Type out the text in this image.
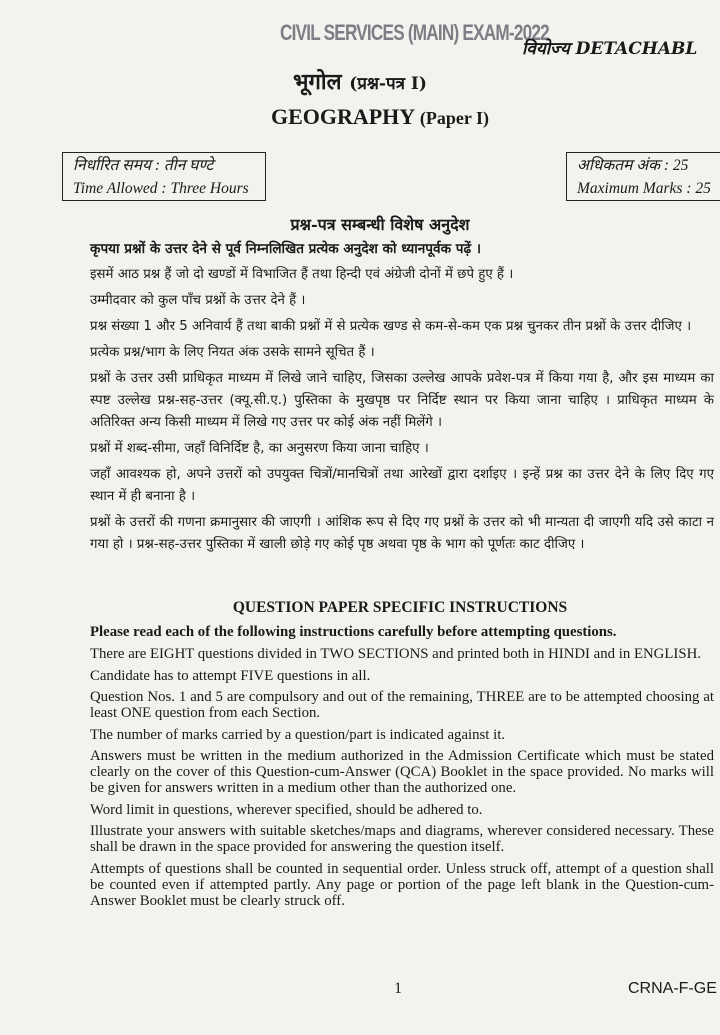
CIVIL SERVICES (MAIN) EXAM-2022
वियोज्य DETACHABL
भूगोल (प्रश्न-पत्र I)
GEOGRAPHY (Paper I)
निर्धारित समय : तीन घण्टे
Time Allowed : Three Hours
अधिकतम अंक : 25
Maximum Marks : 25
प्रश्न-पत्र सम्बन्धी विशेष अनुदेश

कृपया प्रश्नों के उत्तर देने से पूर्व निम्नलिखित प्रत्येक अनुदेश को ध्यानपूर्वक पढ़ें ।

इसमें आठ प्रश्न हैं जो दो खण्डों में विभाजित हैं तथा हिन्दी एवं अंग्रेजी दोनों में छपे हुए हैं ।

उम्मीदवार को कुल पाँच प्रश्नों के उत्तर देने हैं ।

प्रश्न संख्या 1 और 5 अनिवार्य हैं तथा बाकी प्रश्नों में से प्रत्येक खण्ड से कम-से-कम एक प्रश्न चुनकर तीन प्रश्नों के उत्तर दीजिए ।

प्रत्येक प्रश्न/भाग के लिए नियत अंक उसके सामने सूचित हैं ।

प्रश्नों के उत्तर उसी प्राधिकृत माध्यम में लिखे जाने चाहिए, जिसका उल्लेख आपके प्रवेश-पत्र में किया गया है, और इस माध्यम का स्पष्ट उल्लेख प्रश्न-सह-उत्तर (क्यू.सी.ए.) पुस्तिका के मुखपृष्ठ पर निर्दिष्ट स्थान पर किया जाना चाहिए । प्राधिकृत माध्यम के अतिरिक्त अन्य किसी माध्यम में लिखे गए उत्तर पर कोई अंक नहीं मिलेंगे ।

प्रश्नों में शब्द-सीमा, जहाँ विनिर्दिष्ट है, का अनुसरण किया जाना चाहिए ।

जहाँ आवश्यक हो, अपने उत्तरों को उपयुक्त चित्रों/मानचित्रों तथा आरेखों द्वारा दर्शाइए । इन्हें प्रश्न का उत्तर देने के लिए दिए गए स्थान में ही बनाना है ।

प्रश्नों के उत्तरों की गणना क्रमानुसार की जाएगी । आंशिक रूप से दिए गए प्रश्नों के उत्तर को भी मान्यता दी जाएगी यदि उसे काटा न गया हो । प्रश्न-सह-उत्तर पुस्तिका में खाली छोड़े गए कोई पृष्ठ अथवा पृष्ठ के भाग को पूर्णतः काट दीजिए ।

QUESTION PAPER SPECIFIC INSTRUCTIONS

Please read each of the following instructions carefully before attempting questions.

There are EIGHT questions divided in TWO SECTIONS and printed both in HINDI and in ENGLISH.

Candidate has to attempt FIVE questions in all.

Question Nos. 1 and 5 are compulsory and out of the remaining, THREE are to be attempted choosing at least ONE question from each Section.

The number of marks carried by a question/part is indicated against it.

Answers must be written in the medium authorized in the Admission Certificate which must be stated clearly on the cover of this Question-cum-Answer (QCA) Booklet in the space provided. No marks will be given for answers written in a medium other than the authorized one.

Word limit in questions, wherever specified, should be adhered to.

Illustrate your answers with suitable sketches/maps and diagrams, wherever considered necessary. These shall be drawn in the space provided for answering the question itself.

Attempts of questions shall be counted in sequential order. Unless struck off, attempt of a question shall be counted even if attempted partly. Any page or portion of the page left blank in the Question-cum-Answer Booklet must be clearly struck off.

1	CRNA-F-GE
